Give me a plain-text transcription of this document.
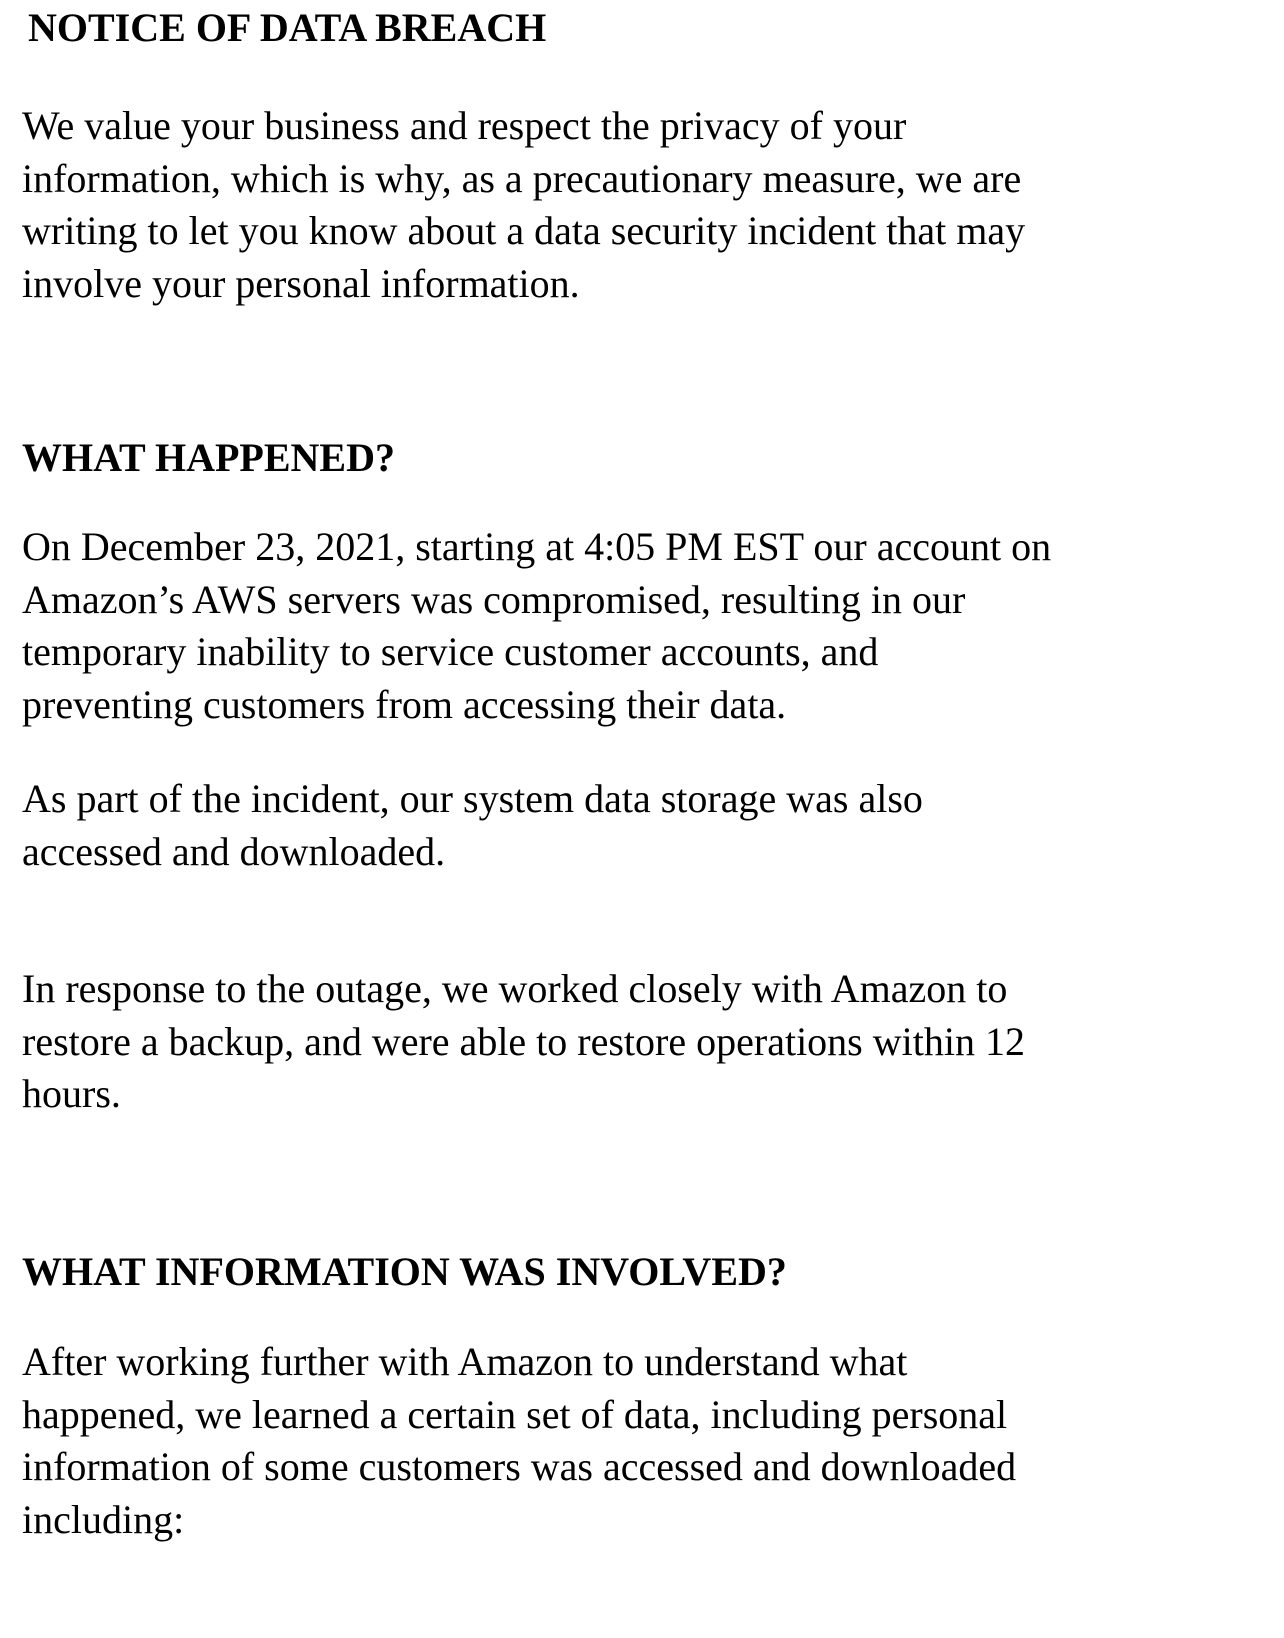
NOTICE OF DATA BREACH
We value your business and respect the privacy of your
information, which is why, as a precautionary measure, we are
writing to let you know about a data security incident that may
involve your personal information.
WHAT HAPPENED?
On December 23, 2021, starting at 4:05 PM EST our account on
Amazon’s AWS servers was compromised, resulting in our
temporary inability to service customer accounts, and
preventing customers from accessing their data.
As part of the incident, our system data storage was also
accessed and downloaded.
In response to the outage, we worked closely with Amazon to
restore a backup, and were able to restore operations within 12
hours.
WHAT INFORMATION WAS INVOLVED?
After working further with Amazon to understand what
happened, we learned a certain set of data, including personal
information of some customers was accessed and downloaded
including:
